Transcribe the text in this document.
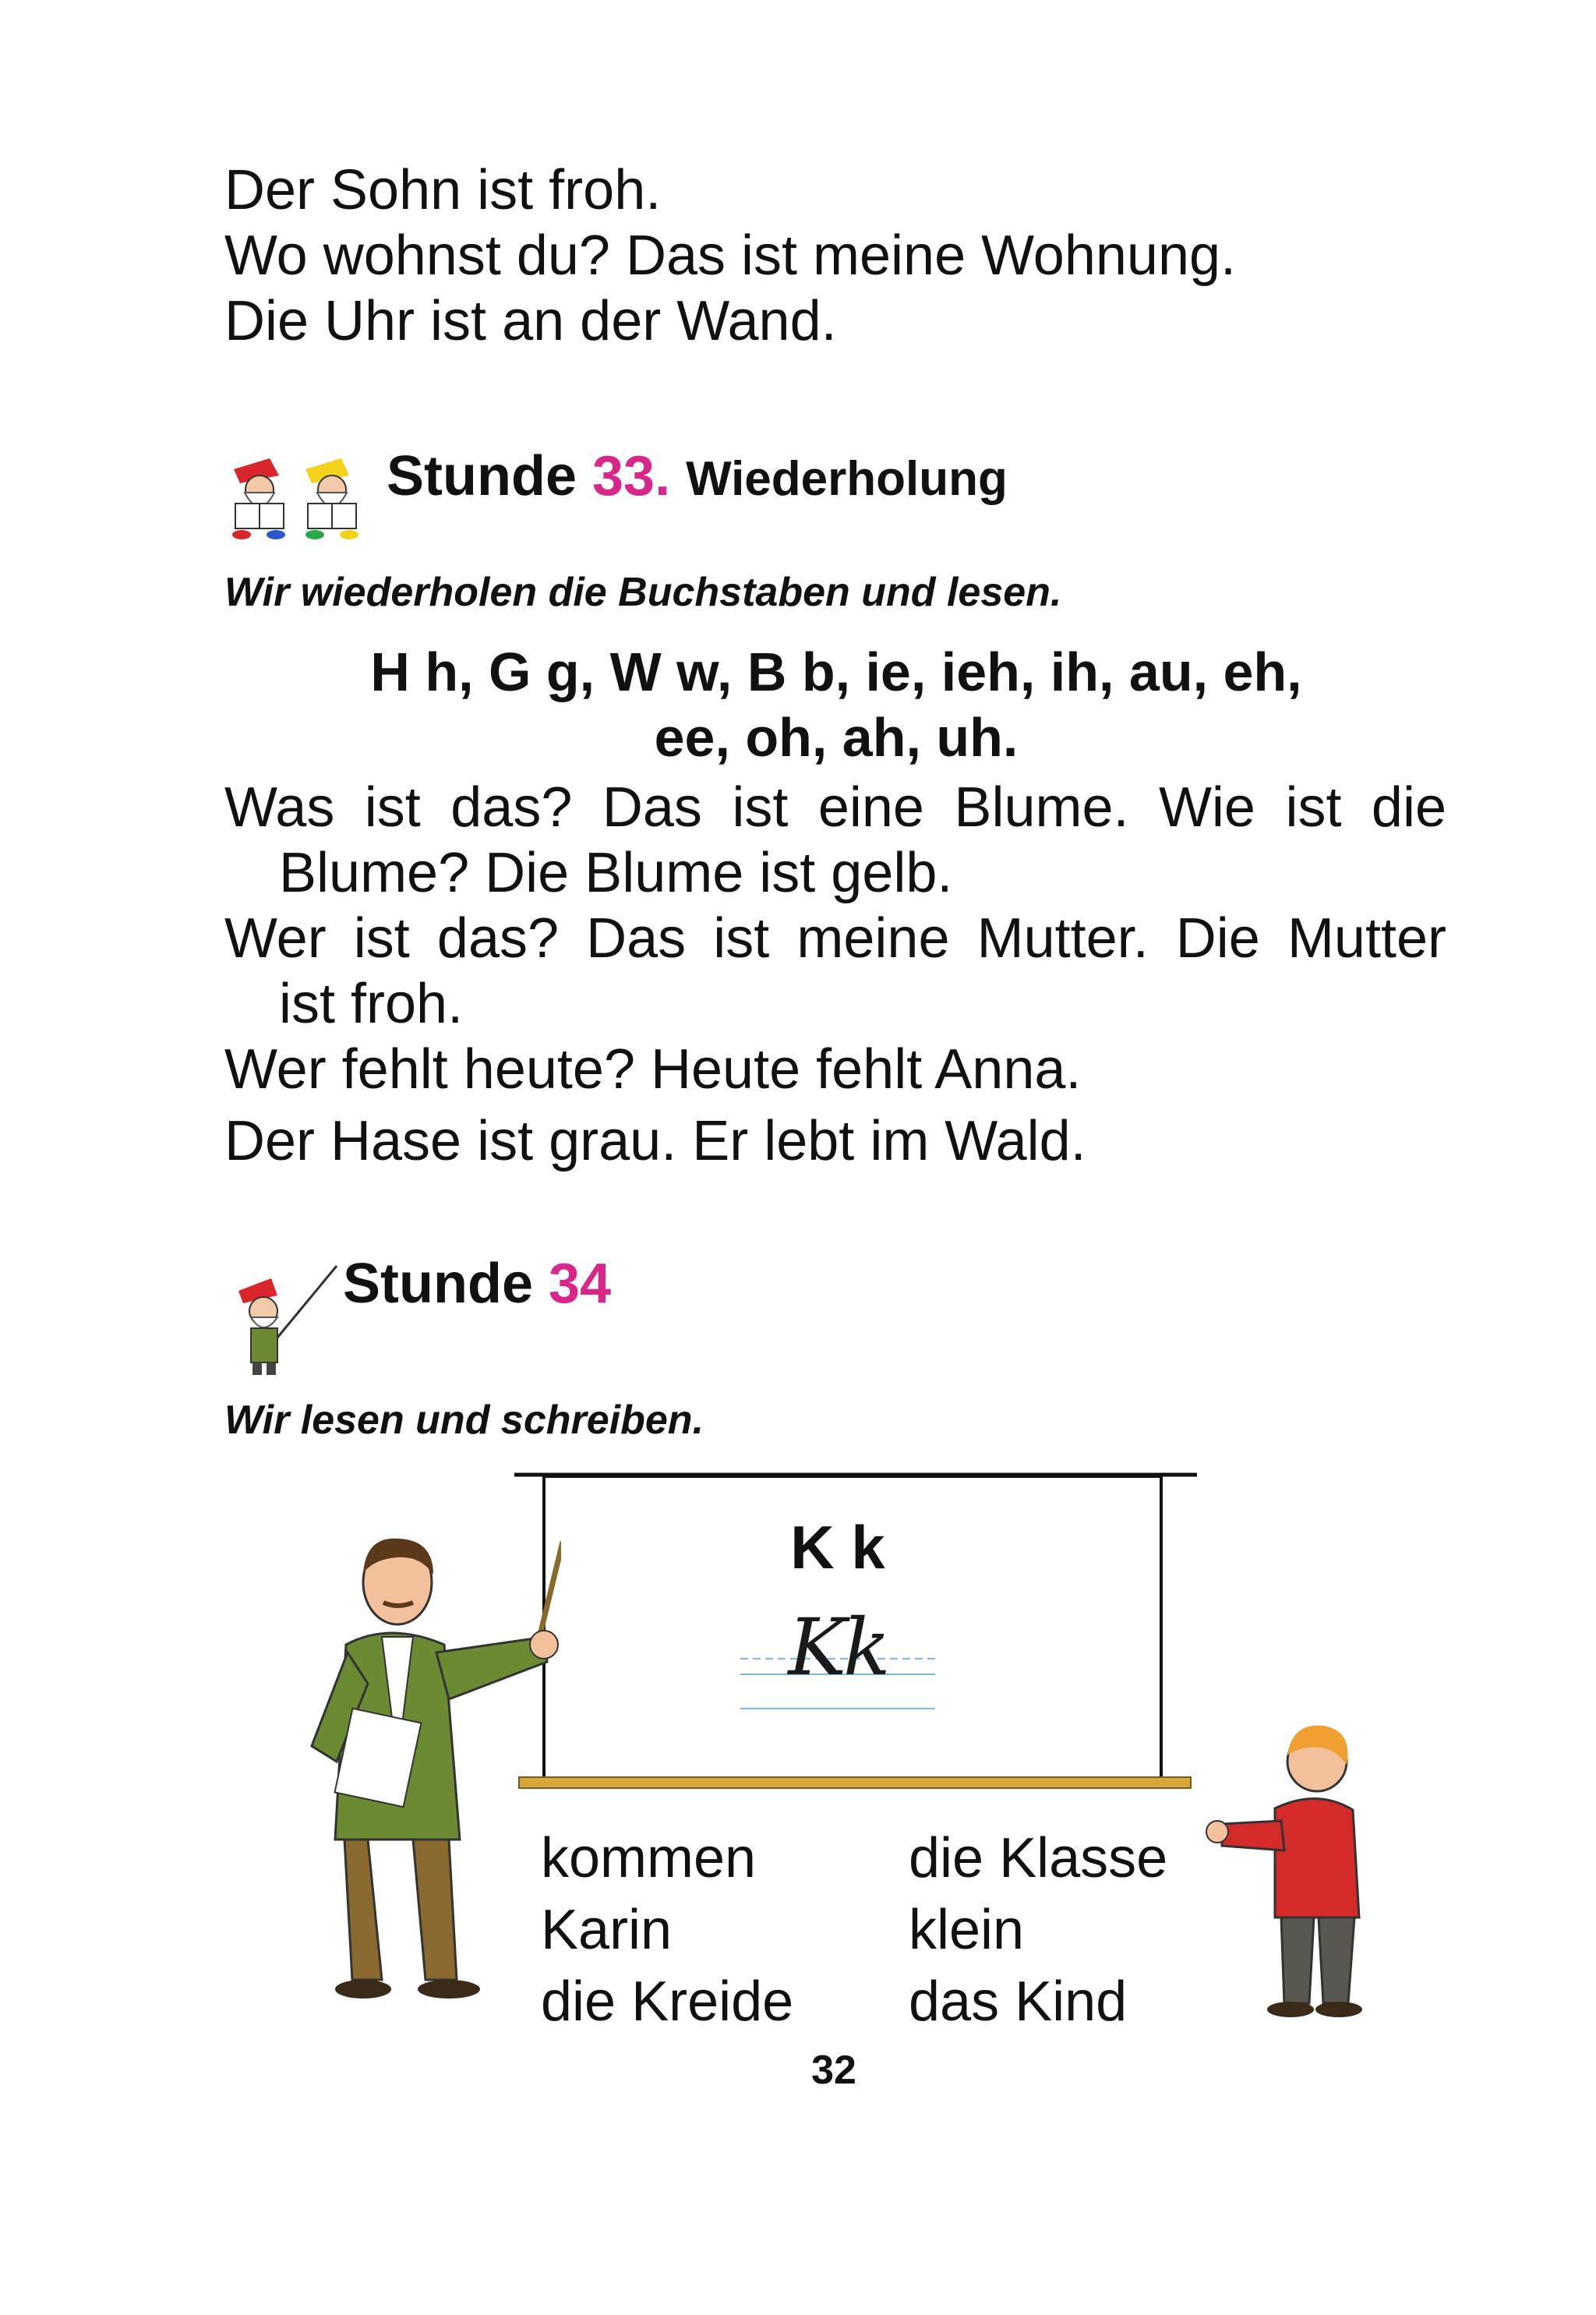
Der Sohn ist froh.
Wo wohnst du? Das ist meine Wohnung.
Die Uhr ist an der Wand.
Stunde 33. Wiederholung
Wir wiederholen die Buchstaben und lesen.
H h, G g, W w, B b, ie, ieh, ih, au, eh,
ee, oh, ah, uh.
Was ist das? Das ist eine Blume. Wie ist die
Blume? Die Blume ist gelb.
Wer ist das? Das ist meine Mutter. Die Mutter
ist froh.
Wer fehlt heute? Heute fehlt Anna.
Der Hase ist grau. Er lebt im Wald.
Stunde 34
Wir lesen und schreiben.
K k
Kk
kommen
Karin
die Kreide
die Klasse
klein
das Kind
32
